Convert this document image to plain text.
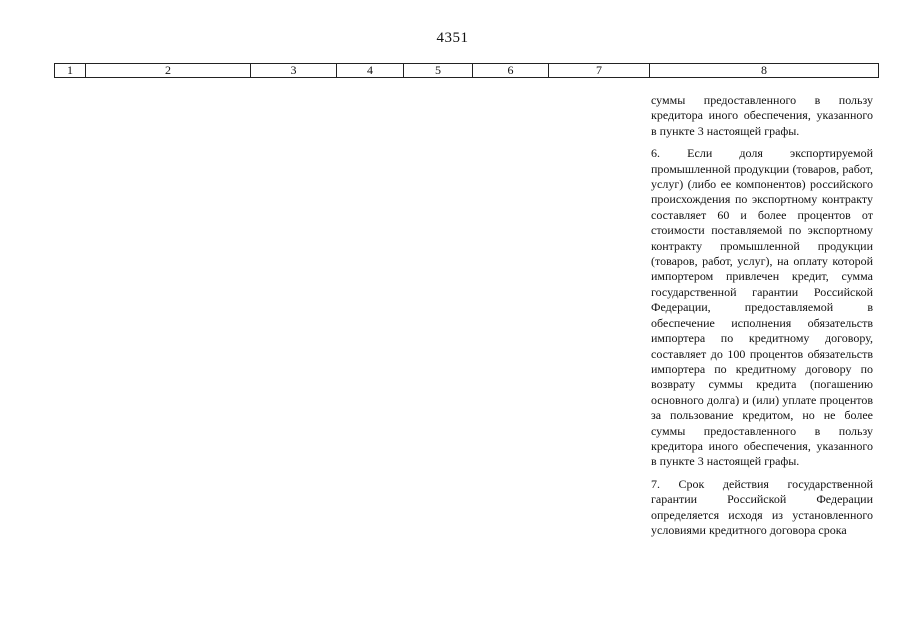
4351
1	2	3	4	5	6	7	8

суммы предоставленного в пользу кредитора иного обеспечения, указанного в пункте 3 настоящей графы.

6. Если доля экспортируемой промышленной продукции (товаров, работ, услуг) (либо ее компонентов) российского происхождения по экспортному контракту составляет 60 и более процентов от стоимости поставляемой по экспортному контракту промышленной продукции (товаров, работ, услуг), на оплату которой импортером привлечен кредит, сумма государственной гарантии Российской Федерации, предоставляемой в обеспечение исполнения обязательств импортера по кредитному договору, составляет до 100 процентов обязательств импортера по кредитному договору по возврату суммы кредита (погашению основного долга) и (или) уплате процентов за пользование кредитом, но не более суммы предоставленного в пользу кредитора иного обеспечения, указанного в пункте 3 настоящей графы.

7. Срок действия государственной гарантии Российской Федерации определяется исходя из установленного условиями кредитного договора срока
